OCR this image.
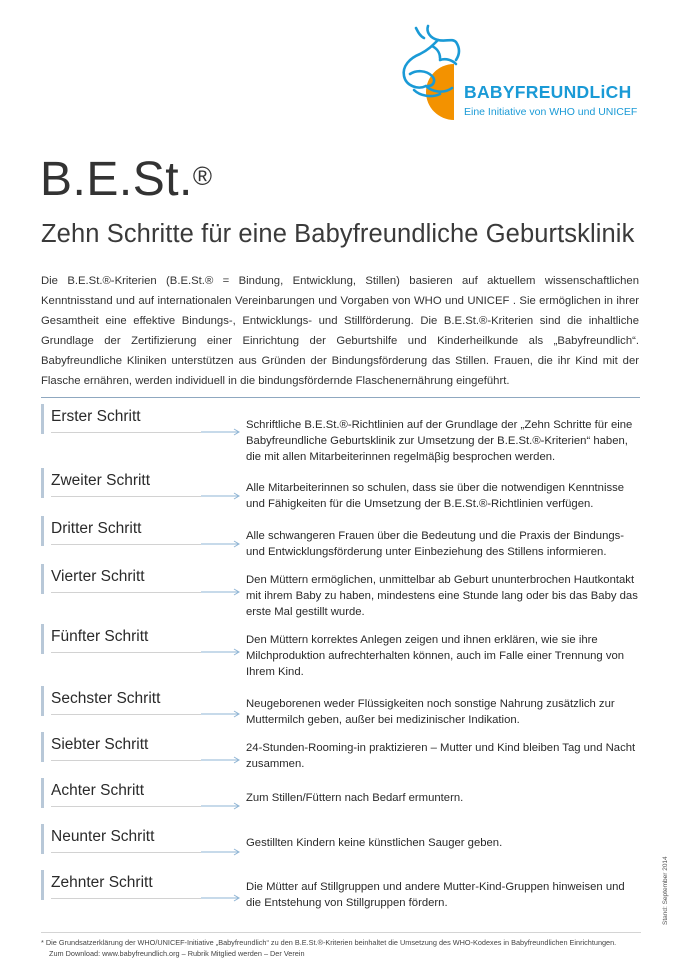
BABYFREUNDLiCH
Eine Initiative von WHO und UNICEF
B.E.St.®
Zehn Schritte für eine Babyfreundliche Geburtsklinik
Die B.E.St.®-Kriterien (B.E.St.® = Bindung, Entwicklung, Stillen) basieren auf aktuellem wissenschaftlichen Kenntnisstand und auf internationalen Vereinbarungen und Vorgaben von WHO und UNICEF . Sie ermöglichen in ihrer Gesamtheit eine effektive Bindungs-, Entwicklungs- und Stillförderung. Die B.E.St.®-Kriterien sind die inhaltliche Grundlage der Zertifizierung einer Einrichtung der Geburtshilfe und Kinderheilkunde als „Babyfreundlich“. Babyfreundliche Kliniken unterstützen aus Gründen der Bindungsförderung das Stillen. Frauen, die ihr Kind mit der Flasche ernähren, werden individuell in die bindungsfördernde Flaschenernährung eingeführt.
Erster Schritt	Schriftliche B.E.St.®-Richtlinien auf der Grundlage der „Zehn Schritte für eine Babyfreundliche Geburtsklinik zur Umsetzung der B.E.St.®-Kriterien“ haben, die mit allen Mitarbeiterinnen regelmäβig besprochen werden.
Zweiter Schritt	Alle Mitarbeiterinnen so schulen, dass sie über die notwendigen Kenntnisse und Fähigkeiten für die Umsetzung der B.E.St.®-Richtlinien verfügen.
Dritter Schritt	Alle schwangeren Frauen über die Bedeutung und die Praxis der Bindungs- und Entwicklungsförderung unter Einbeziehung des Stillens informieren.
Vierter Schritt	Den Müttern ermöglichen, unmittelbar ab Geburt ununterbrochen Hautkontakt mit ihrem Baby zu haben, mindestens eine Stunde lang oder bis das Baby das erste Mal gestillt wurde.
Fünfter Schritt	Den Müttern korrektes Anlegen zeigen und ihnen erklären, wie sie ihre Milchproduktion aufrechterhalten können, auch im Falle einer Trennung von Ihrem Kind.
Sechster Schritt	Neugeborenen weder Flüssigkeiten noch sonstige Nahrung zusätzlich zur Muttermilch geben, außer bei medizinischer Indikation.
Siebter Schritt	24-Stunden-Rooming-in praktizieren – Mutter und Kind bleiben Tag und Nacht zusammen.
Achter Schritt	Zum Stillen/Füttern nach Bedarf ermuntern.
Neunter Schritt	Gestillten Kindern keine künstlichen Sauger geben.
Zehnter Schritt	Die Mütter auf Stillgruppen und andere Mutter-Kind-Gruppen hinweisen und die Entstehung von Stillgruppen fördern.	Stand: September 2014
* Die Grundsatzerklärung der WHO/UNICEF-Initiative „Babyfreundlich“ zu den B.E.St.®-Kriterien beinhaltet die Umsetzung des WHO-Kodexes in Babyfreundlichen Einrichtungen.
Zum Download: www.babyfreundlich.org – Rubrik Mitglied werden – Der Verein
